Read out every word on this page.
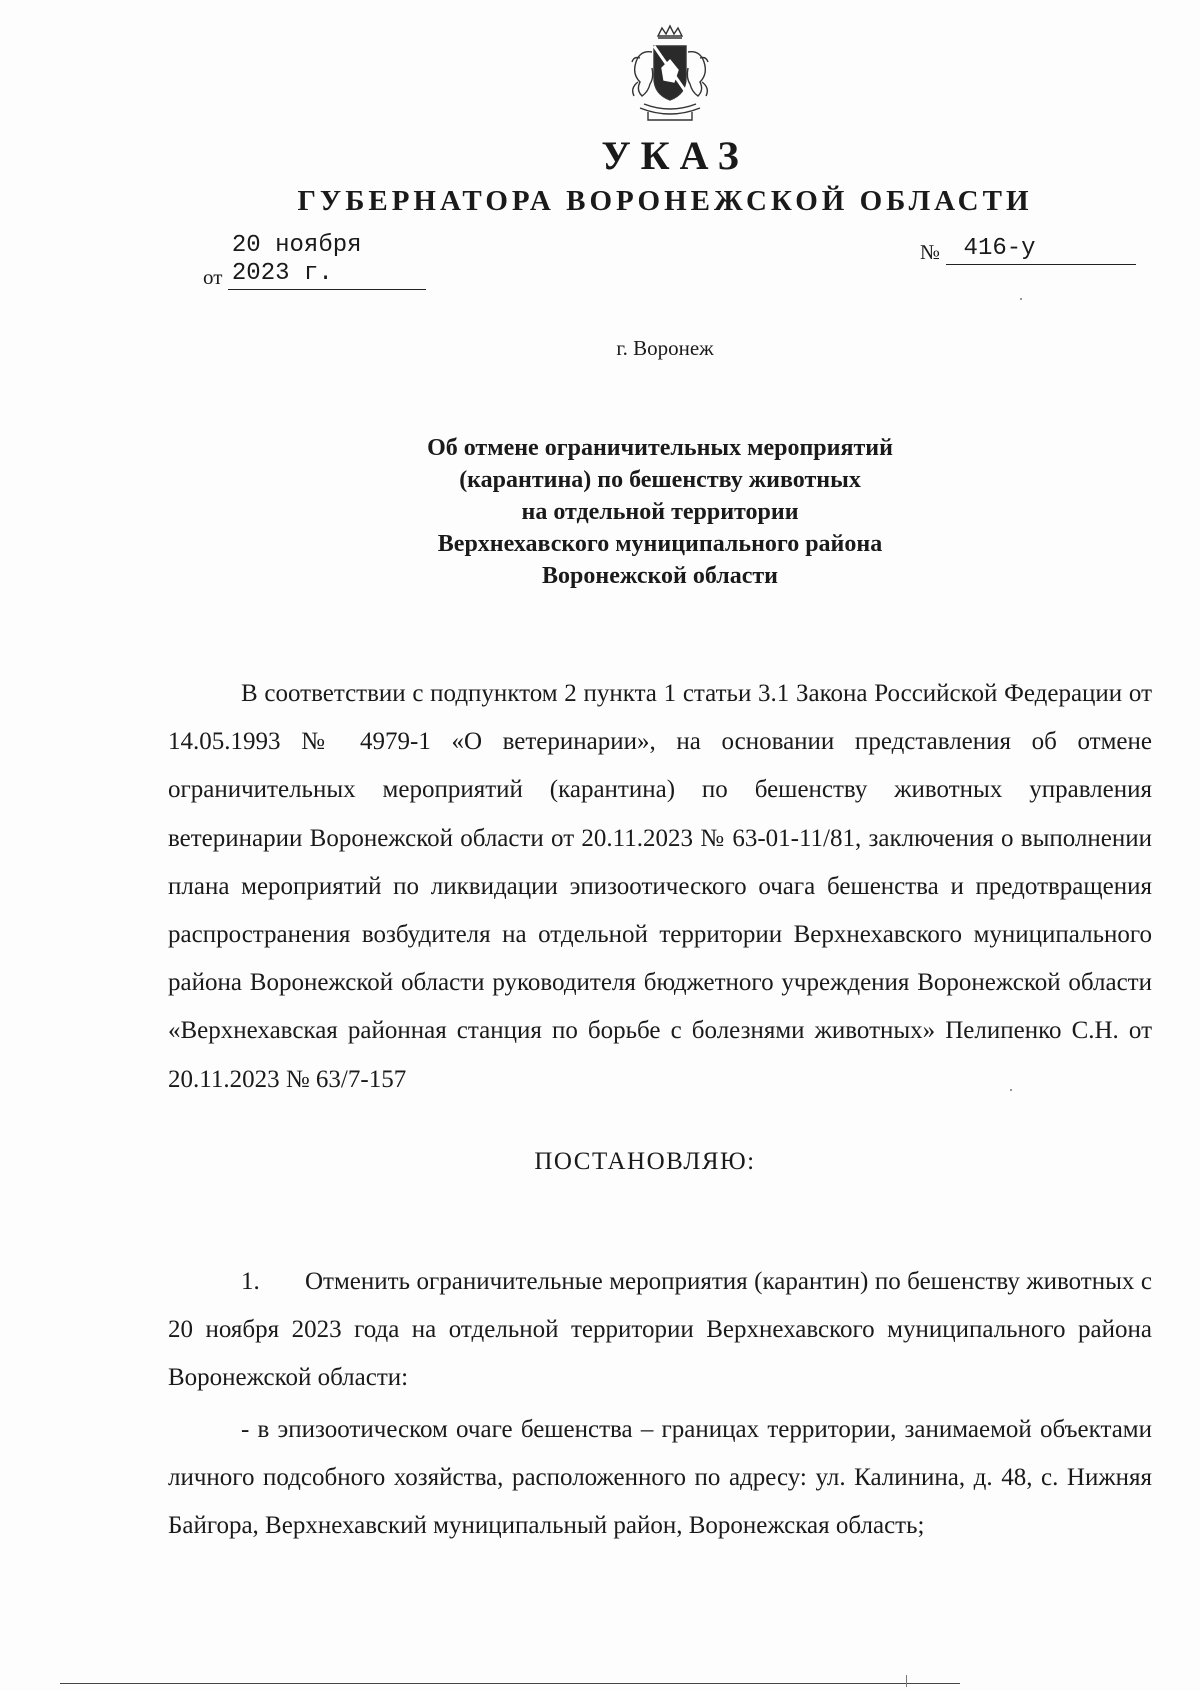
УКАЗ
ГУБЕРНАТОРА ВОРОНЕЖСКОЙ ОБЛАСТИ
от 20 ноября 2023 г.
№ 416-у
г. Воронеж
Об отмене ограничительных мероприятий
(карантина) по бешенству животных
на отдельной территории
Верхнехавского муниципального района
Воронежской области
В соответствии с подпунктом 2 пункта 1 статьи 3.1 Закона Российской Федерации от 14.05.1993 № 4979-1 «О ветеринарии», на основании представления об отмене ограничительных мероприятий (карантина) по бешенству животных управления ветеринарии Воронежской области от 20.11.2023 № 63-01-11/81, заключения о выполнении плана мероприятий по ликвидации эпизоотического очага бешенства и предотвращения распространения возбудителя на отдельной территории Верхнехавского муниципального района Воронежской области руководителя бюджетного учреждения Воронежской области «Верхнехавская районная станция по борьбе с болезнями животных» Пелипенко С.Н. от 20.11.2023 № 63/7-157
ПОСТАНОВЛЯЮ:
1. Отменить ограничительные мероприятия (карантин) по бешенству животных с 20 ноября 2023 года на отдельной территории Верхнехавского муниципального района Воронежской области:
- в эпизоотическом очаге бешенства – границах территории, занимаемой объектами личного подсобного хозяйства, расположенного по адресу: ул. Калинина, д. 48, с. Нижняя Байгора, Верхнехавский муниципальный район, Воронежская область;
